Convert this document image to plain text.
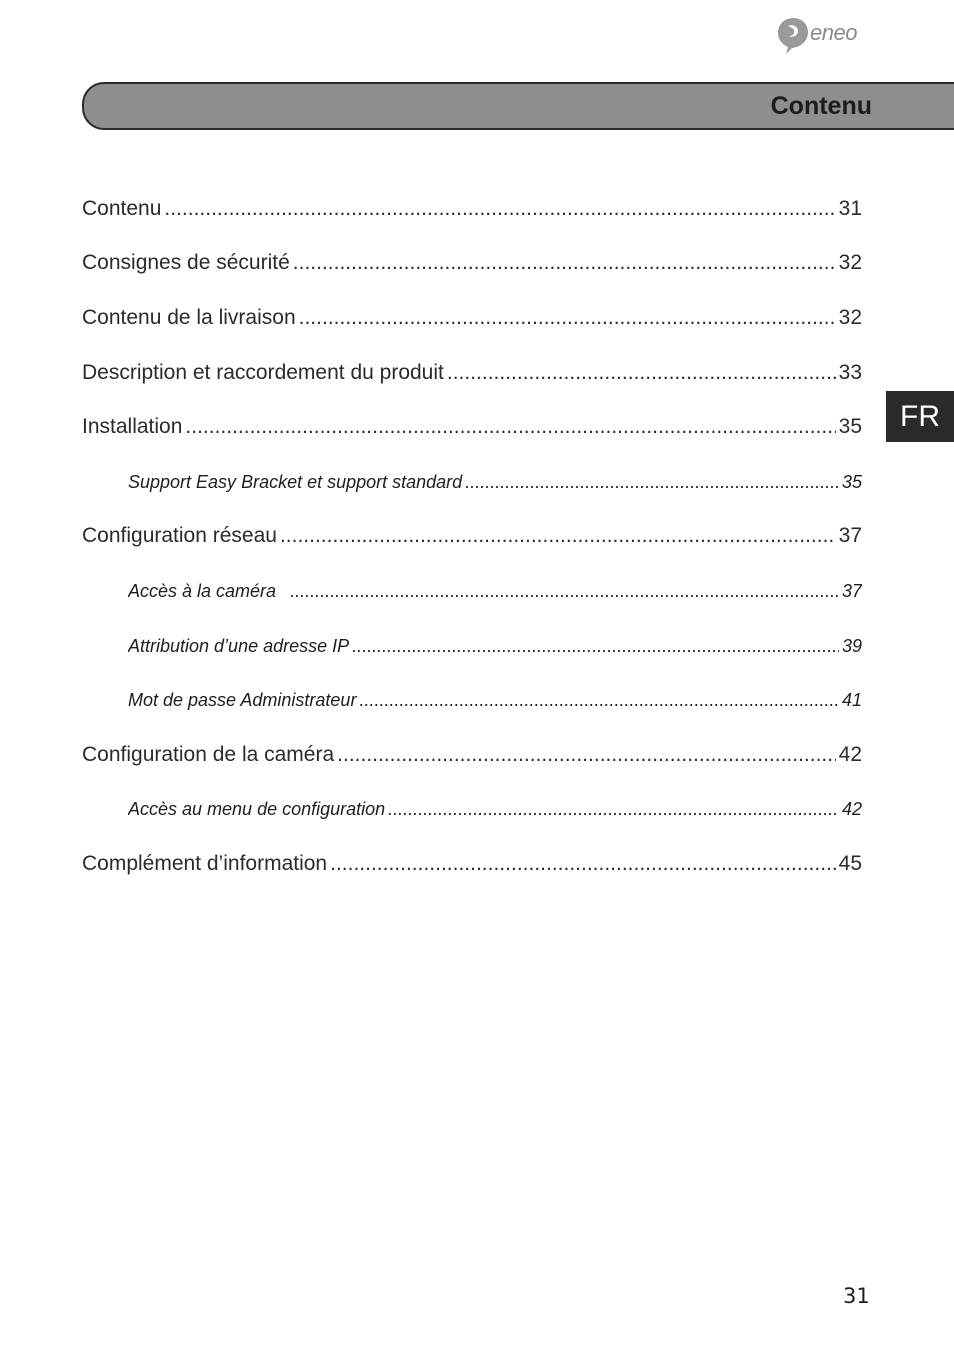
eneo
Contenu
FR
Contenu .....	31
Consignes de sécurité .....	32
Contenu de la livraison .....	32
Description et raccordement du produit .....	33
Installation .....	35
Support Easy Bracket et support standard .....	35
Configuration réseau .....	37
Accès à la caméra .....	37
Attribution d’une adresse IP .....	39
Mot de passe Administrateur .....	41
Configuration de la caméra .....	42
Accès au menu de configuration .....	42
Complément d’information .....	45
31
